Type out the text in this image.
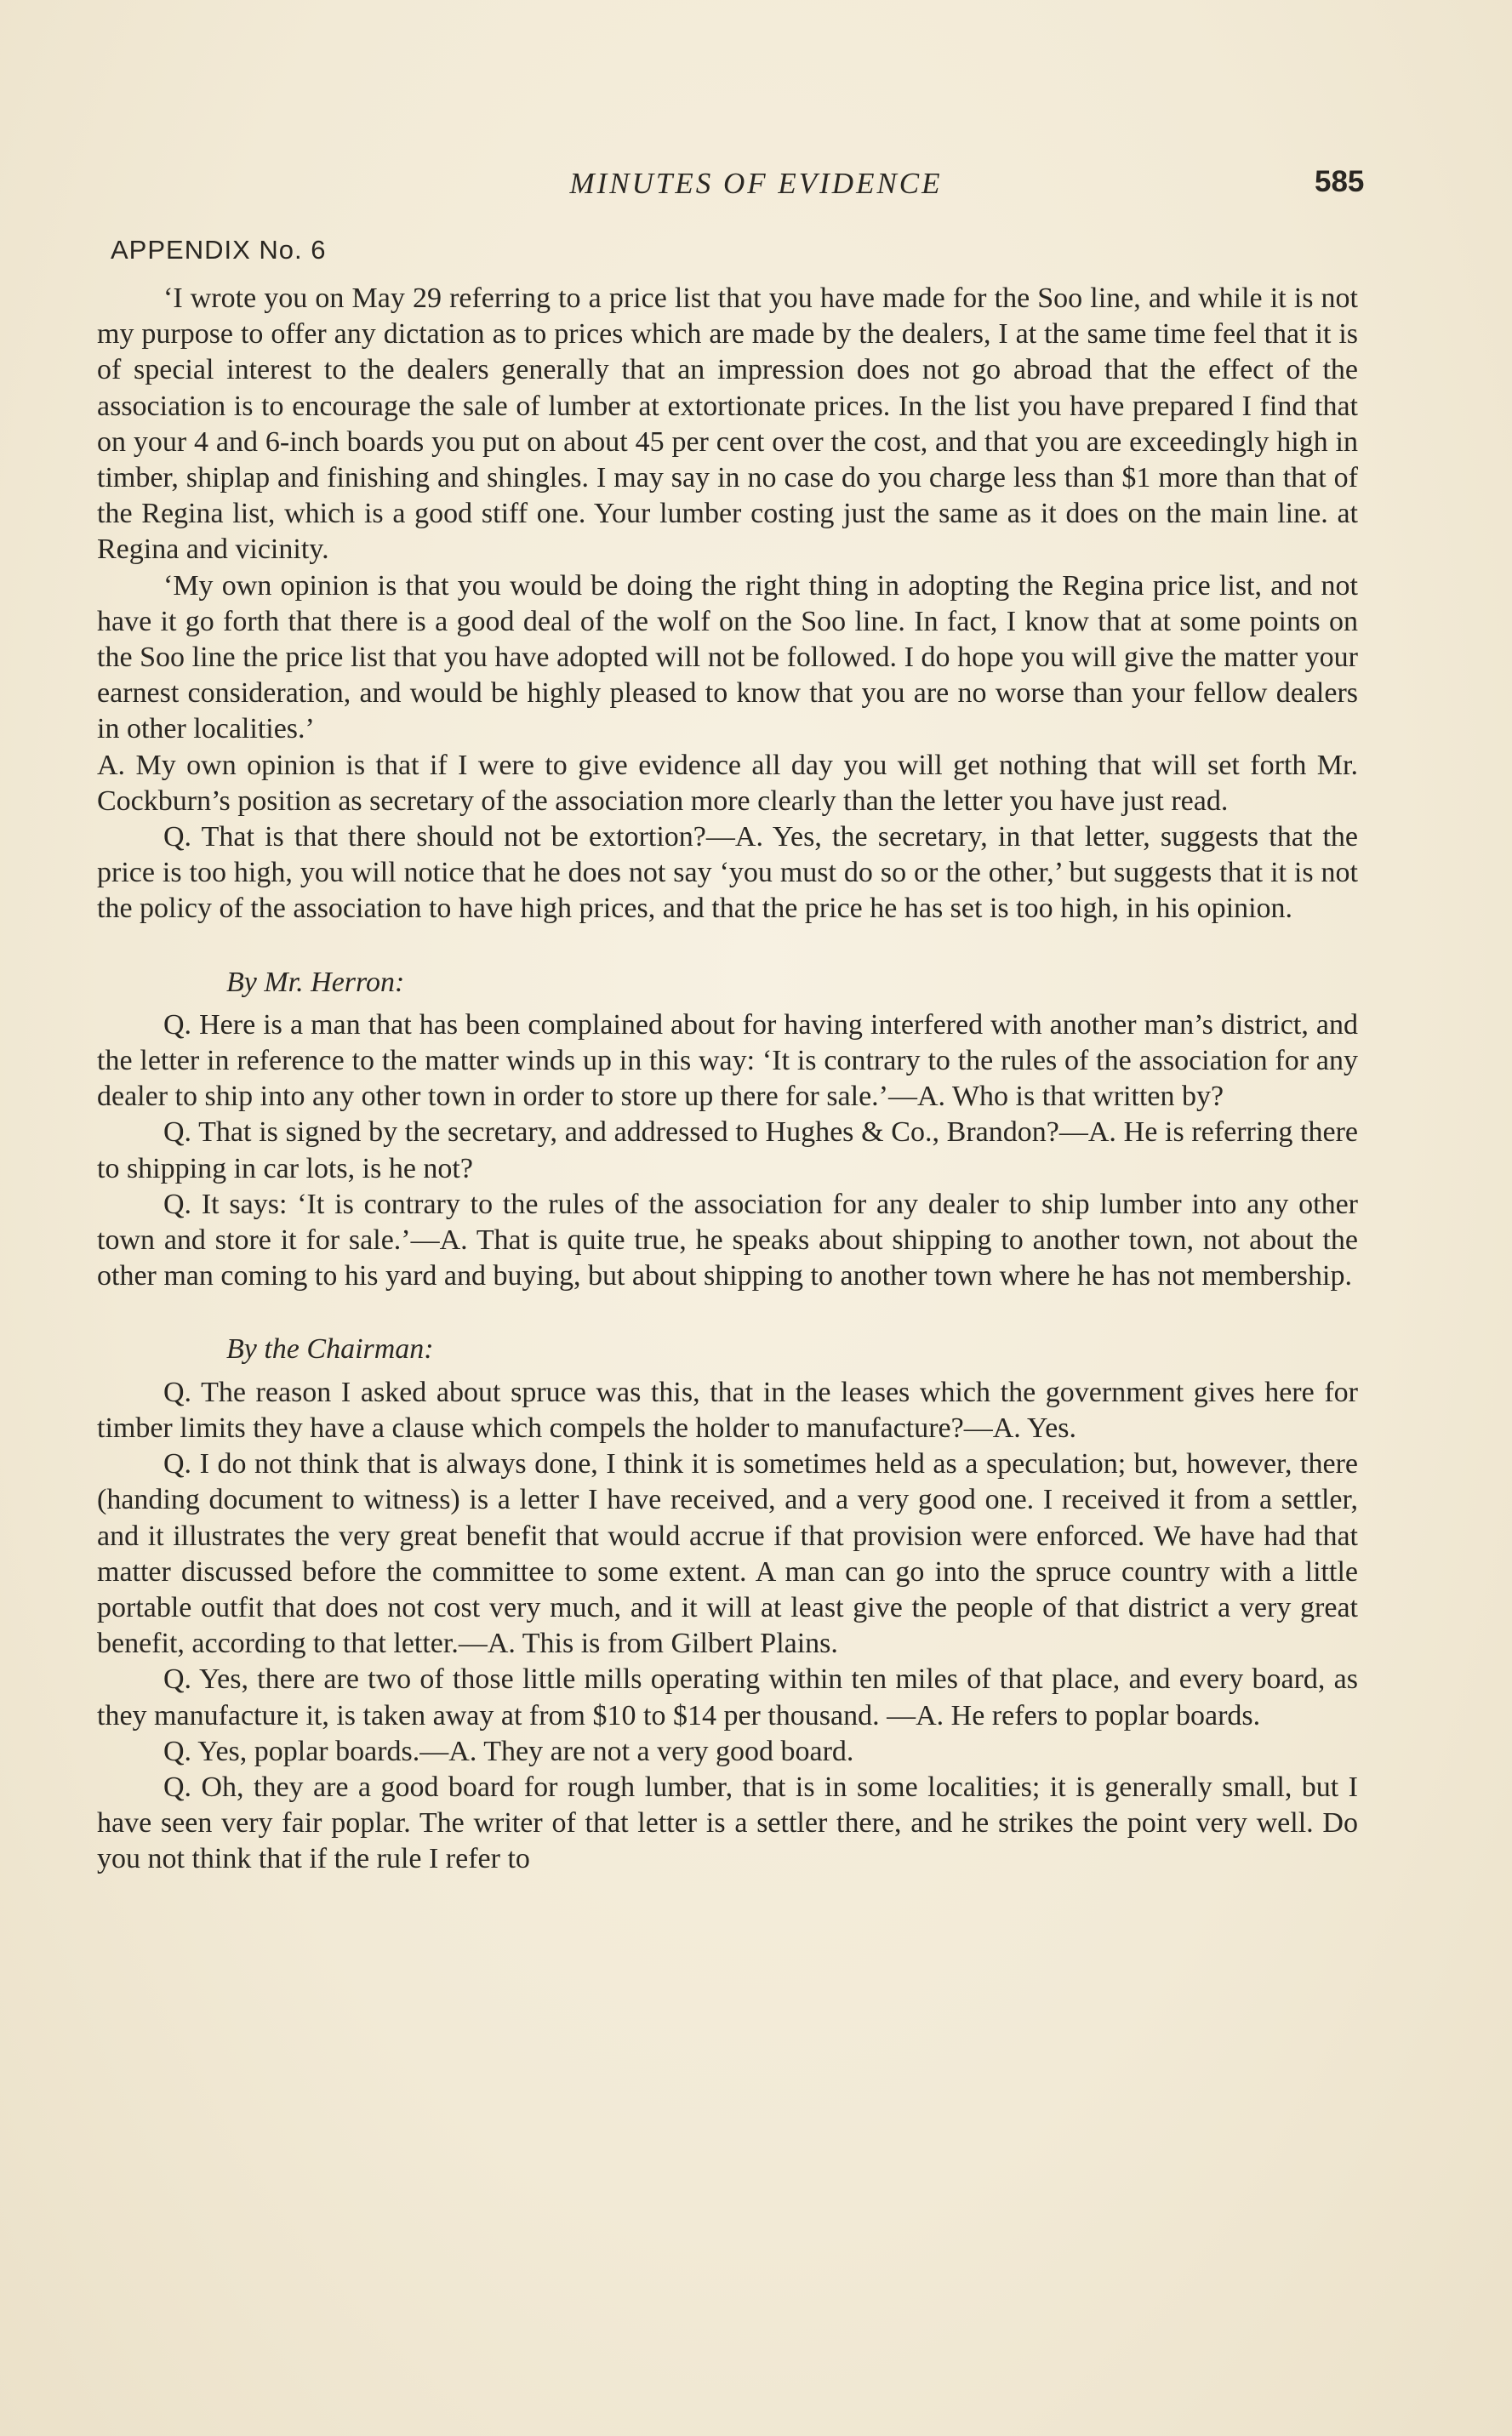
MINUTES OF EVIDENCE	585
APPENDIX No. 6

‘I wrote you on May 29 referring to a price list that you have made for the Soo line, and while it is not my purpose to offer any dictation as to prices which are made by the dealers, I at the same time feel that it is of special interest to the dealers generally that an impression does not go abroad that the effect of the association is to encourage the sale of lumber at extortionate prices. In the list you have prepared I find that on your 4 and 6-inch boards you put on about 45 per cent over the cost, and that you are exceedingly high in timber, shiplap and finishing and shingles. I may say in no case do you charge less than $1 more than that of the Regina list, which is a good stiff one. Your lumber costing just the same as it does on the main line. at Regina and vicinity.

‘My own opinion is that you would be doing the right thing in adopting the Regina price list, and not have it go forth that there is a good deal of the wolf on the Soo line. In fact, I know that at some points on the Soo line the price list that you have adopted will not be followed. I do hope you will give the matter your earnest consideration, and would be highly pleased to know that you are no worse than your fellow dealers in other localities.’

A. My own opinion is that if I were to give evidence all day you will get nothing that will set forth Mr. Cockburn’s position as secretary of the association more clearly than the letter you have just read.

Q. That is that there should not be extortion?—A. Yes, the secretary, in that letter, suggests that the price is too high, you will notice that he does not say ‘you must do so or the other,’ but suggests that it is not the policy of the association to have high prices, and that the price he has set is too high, in his opinion.

By Mr. Herron:

Q. Here is a man that has been complained about for having interfered with another man’s district, and the letter in reference to the matter winds up in this way: ‘It is contrary to the rules of the association for any dealer to ship into any other town in order to store up there for sale.’—A. Who is that written by?

Q. That is signed by the secretary, and addressed to Hughes & Co., Brandon?—A. He is referring there to shipping in car lots, is he not?

Q. It says: ‘It is contrary to the rules of the association for any dealer to ship lumber into any other town and store it for sale.’—A. That is quite true, he speaks about shipping to another town, not about the other man coming to his yard and buying, but about shipping to another town where he has not membership.

By the Chairman:

Q. The reason I asked about spruce was this, that in the leases which the government gives here for timber limits they have a clause which compels the holder to manufacture?—A. Yes.

Q. I do not think that is always done, I think it is sometimes held as a speculation; but, however, there (handing document to witness) is a letter I have received, and a very good one. I received it from a settler, and it illustrates the very great benefit that would accrue if that provision were enforced. We have had that matter discussed before the committee to some extent. A man can go into the spruce country with a little portable outfit that does not cost very much, and it will at least give the people of that district a very great benefit, according to that letter.—A. This is from Gilbert Plains.

Q. Yes, there are two of those little mills operating within ten miles of that place, and every board, as they manufacture it, is taken away at from $10 to $14 per thousand. —A. He refers to poplar boards.

Q. Yes, poplar boards.—A. They are not a very good board.

Q. Oh, they are a good board for rough lumber, that is in some localities; it is generally small, but I have seen very fair poplar. The writer of that letter is a settler there, and he strikes the point very well. Do you not think that if the rule I refer to
